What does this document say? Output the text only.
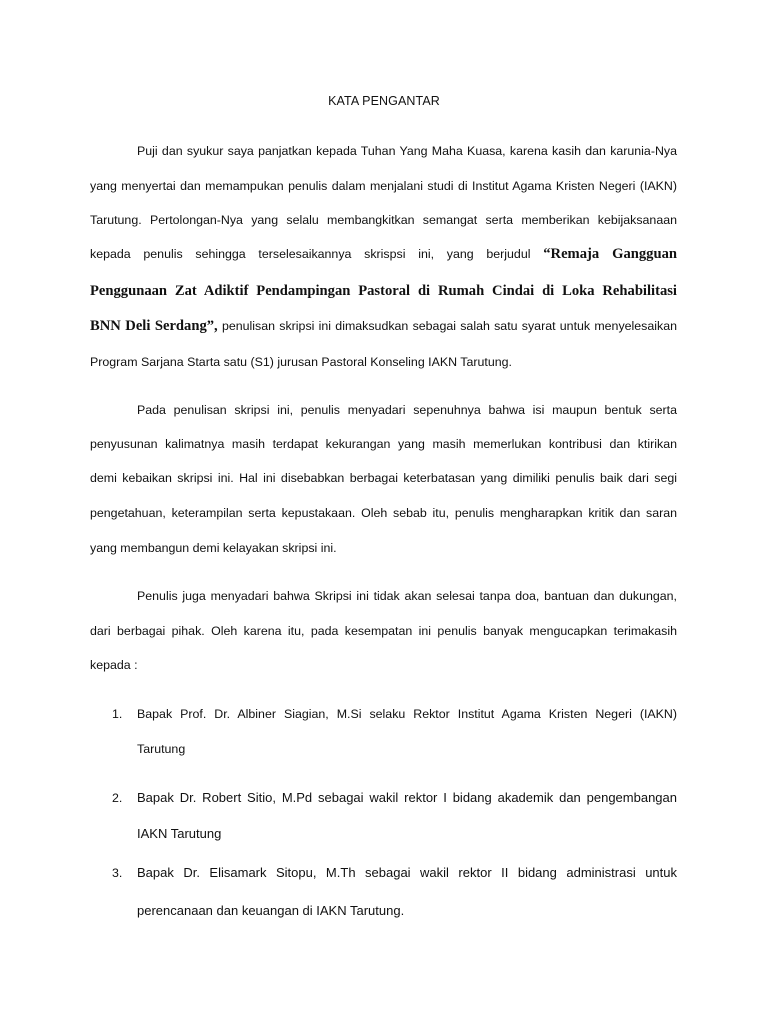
KATA PENGANTAR
Puji dan syukur saya panjatkan kepada Tuhan Yang Maha Kuasa, karena kasih dan karunia-Nya
yang menyertai dan memampukan penulis dalam menjalani studi di Institut Agama Kristen Negeri (IAKN)
Tarutung. Pertolongan-Nya yang selalu membangkitkan semangat serta memberikan kebijaksanaan
kepada penulis sehingga terselesaikannya skrispsi ini, yang berjudul “Remaja Gangguan
Penggunaan Zat Adiktif Pendampingan Pastoral di Rumah Cindai di Loka Rehabilitasi
BNN Deli Serdang”, penulisan skripsi ini dimaksudkan sebagai salah satu syarat untuk menyelesaikan
Program Sarjana Starta satu (S1) jurusan Pastoral Konseling IAKN Tarutung.
Pada penulisan skripsi ini, penulis menyadari sepenuhnya bahwa isi maupun bentuk serta
penyusunan kalimatnya masih terdapat kekurangan yang masih memerlukan kontribusi dan ktirikan
demi kebaikan skripsi ini. Hal ini disebabkan berbagai keterbatasan yang dimiliki penulis baik dari segi
pengetahuan, keterampilan serta kepustakaan. Oleh sebab itu, penulis mengharapkan kritik dan saran
yang membangun demi kelayakan skripsi ini.
Penulis juga menyadari bahwa Skripsi ini tidak akan selesai tanpa doa, bantuan dan dukungan,
dari berbagai pihak. Oleh karena itu, pada kesempatan ini penulis banyak mengucapkan terimakasih
kepada :
1. Bapak Prof. Dr. Albiner Siagian, M.Si selaku Rektor Institut Agama Kristen Negeri (IAKN)
Tarutung
2. Bapak Dr. Robert Sitio, M.Pd sebagai wakil rektor I bidang akademik dan pengembangan
IAKN Tarutung
3. Bapak Dr. Elisamark Sitopu, M.Th sebagai wakil rektor II bidang administrasi untuk
perencanaan dan keuangan di IAKN Tarutung.
